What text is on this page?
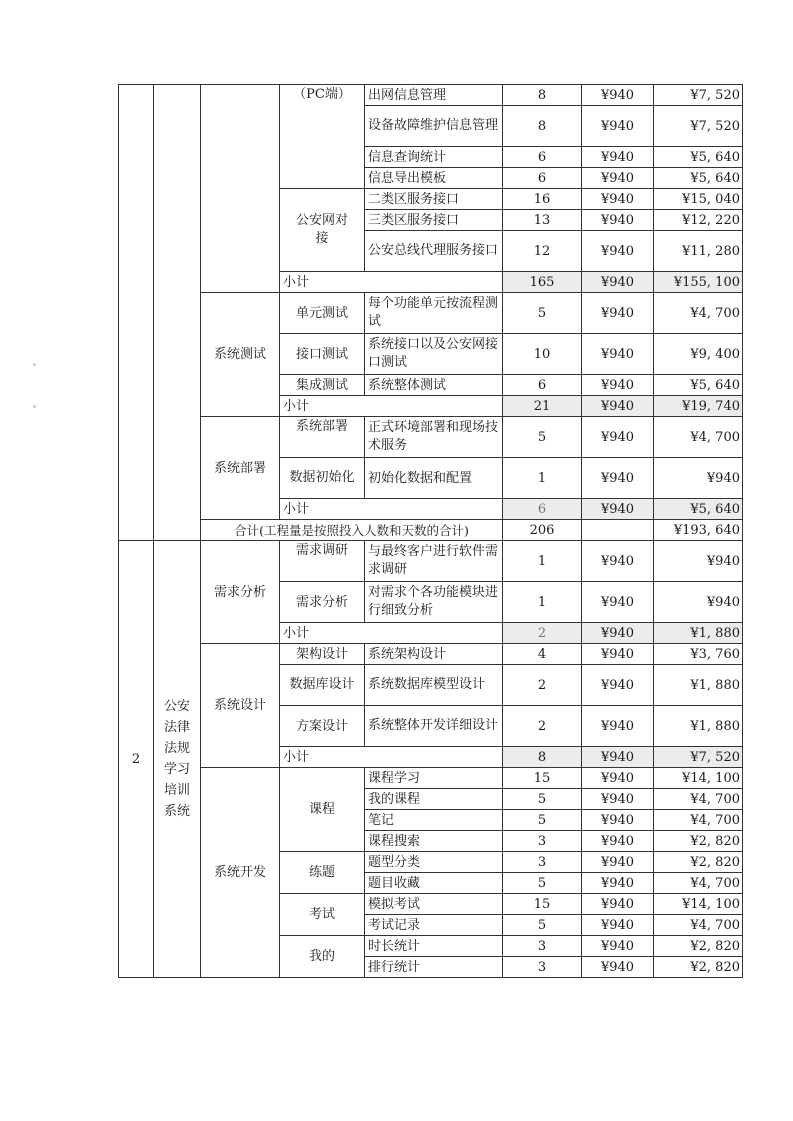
			（PC端）	出网信息管理	8	¥940	¥7, 520
				设备故障维护信息管理	8	¥940	¥7, 520
				信息查询统计	6	¥940	¥5, 640
				信息导出模板	6	¥940	¥5, 640
			公安网对接	二类区服务接口	16	¥940	¥15, 040
				三类区服务接口	13	¥940	¥12, 220
				公安总线代理服务接口	12	¥940	¥11, 280
			小计		165	¥940	¥155, 100
		系统测试	单元测试	每个功能单元按流程测试	5	¥940	¥4, 700
			接口测试	系统接口以及公安网接口测试	10	¥940	¥9, 400
			集成测试	系统整体测试	6	¥940	¥5, 640
			小计		21	¥940	¥19, 740
		系统部署	系统部署	正式环境部署和现场技术服务	5	¥940	¥4, 700
			数据初始化	初始化数据和配置	1	¥940	¥940
			小计		6	¥940	¥5, 640
		合计(工程量是按照投入人数和天数的合计)			206		¥193, 640
2	公安法律法规学习培训系统	需求分析	需求调研	与最终客户进行软件需求调研	1	¥940	¥940
			需求分析	对需求个各功能模块进行细致分析	1	¥940	¥940
			小计		2	¥940	¥1, 880
		系统设计	架构设计	系统架构设计	4	¥940	¥3, 760
			数据库设计	系统数据库模型设计	2	¥940	¥1, 880
			方案设计	系统整体开发详细设计	2	¥940	¥1, 880
			小计		8	¥940	¥7, 520
		系统开发	课程	课程学习	15	¥940	¥14, 100
				我的课程	5	¥940	¥4, 700
				笔记	5	¥940	¥4, 700
				课程搜索	3	¥940	¥2, 820
			练题	题型分类	3	¥940	¥2, 820
				题目收藏	5	¥940	¥4, 700
			考试	模拟考试	15	¥940	¥14, 100
				考试记录	5	¥940	¥4, 700
			我的	时长统计	3	¥940	¥2, 820
				排行统计	3	¥940	¥2, 820
